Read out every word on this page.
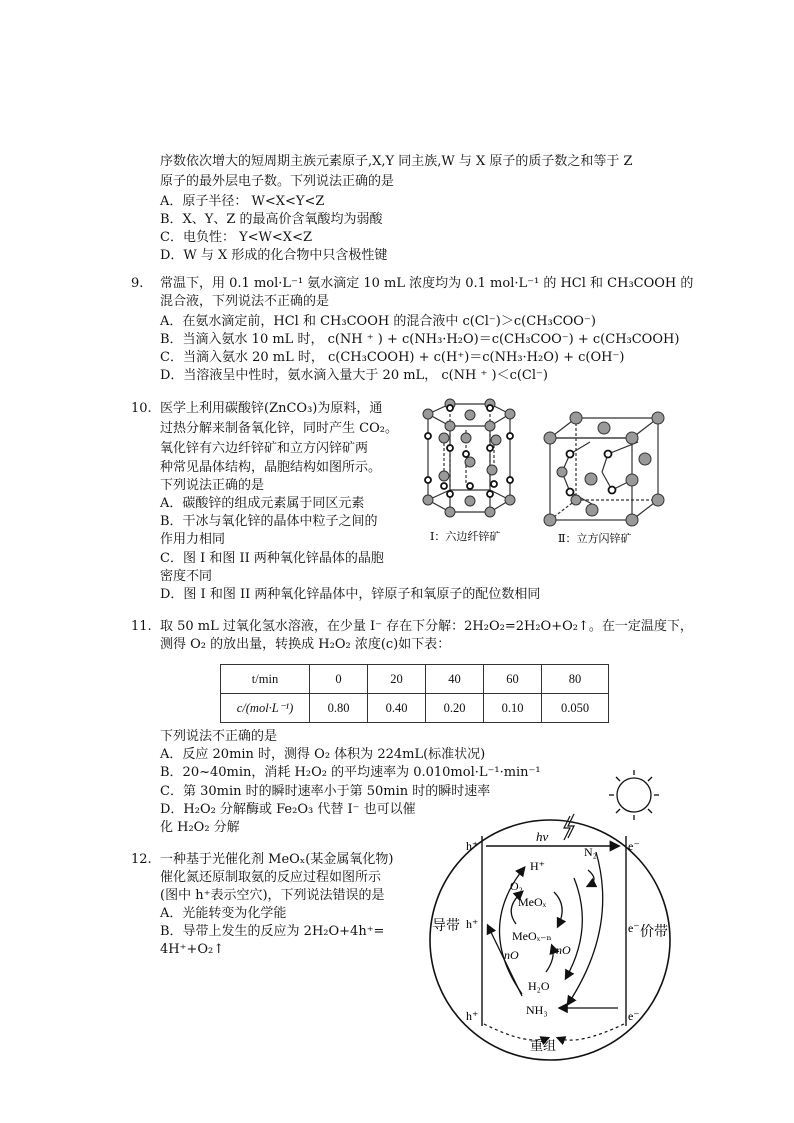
序数依次增大的短周期主族元素原子,X,Y 同主族,W 与 X 原子的质子数之和等于 Z
原子的最外层电子数。下列说法正确的是
A．原子半径： W<X<Y<Z
B．X、Y、Z 的最高价含氧酸均为弱酸
C．电负性： Y<W<X<Z
D．W 与 X 形成的化合物中只含极性键
9. 常温下，用 0.1 mol·L⁻¹ 氨水滴定 10 mL 浓度均为 0.1 mol·L⁻¹ 的 HCl 和 CH₃COOH 的
混合液，下列说法不正确的是
A．在氨水滴定前，HCl 和 CH₃COOH 的混合液中 c(Cl⁻)＞c(CH₃COO⁻)
B．当滴入氨水 10 mL 时， c(NH ⁺ ) + c(NH₃·H₂O)＝c(CH₃COO⁻) + c(CH₃COOH)
C．当滴入氨水 20 mL 时， c(CH₃COOH) + c(H⁺)＝c(NH₃·H₂O) + c(OH⁻)
D．当溶液呈中性时，氨水滴入量大于 20 mL， c(NH ⁺ )＜c(Cl⁻)
10. 医学上利用碳酸锌(ZnCO₃)为原料，通
过热分解来制备氧化锌，同时产生 CO₂。
氧化锌有六边纤锌矿和立方闪锌矿两
种常见晶体结构，晶胞结构如图所示。
下列说法正确的是
A．碳酸锌的组成元素属于同区元素
B．干冰与氧化锌的晶体中粒子之间的
作用力相同
C．图 I 和图 II 两种氧化锌晶体的晶胞
密度不同
D．图 I 和图 II 两种氧化锌晶体中，锌原子和氧原子的配位数相同
Ⅰ：六边纤锌矿	Ⅱ：立方闪锌矿
11. 取 50 mL 过氧化氢水溶液，在少量 I⁻ 存在下分解：2H₂O₂=2H₂O+O₂↑。在一定温度下，
测得 O₂ 的放出量，转换成 H₂O₂ 浓度(c)如下表：
t/min	0	20	40	60	80
c/(mol·L⁻¹)	0.80	0.40	0.20	0.10	0.050
下列说法不正确的是
A．反应 20min 时，测得 O₂ 体积为 224mL(标准状况)
B．20~40min，消耗 H₂O₂ 的平均速率为 0.010mol·L⁻¹·min⁻¹
C．第 30min 时的瞬时速率小于第 50min 时的瞬时速率
D．H₂O₂ 分解酶或 Fe₂O₃ 代替 I⁻ 也可以催
化 H₂O₂ 分解
12. 一种基于光催化剂 MeOₓ(某金属氧化物)
催化氮还原制取氨的反应过程如图所示
(图中 h⁺表示空穴)，下列说法错误的是
A．光能转变为化学能
B．导带上发生的反应为 2H₂O+4h⁺=
4H⁺+O₂↑
hν
h⁺
h⁺
h⁺
e⁻
e⁻
e⁻
导带	价带
N₂
H⁺
O₂
MeOₓ
MeOₓ₋ₙ
nO	nO
H₂O
NH₃
重组
